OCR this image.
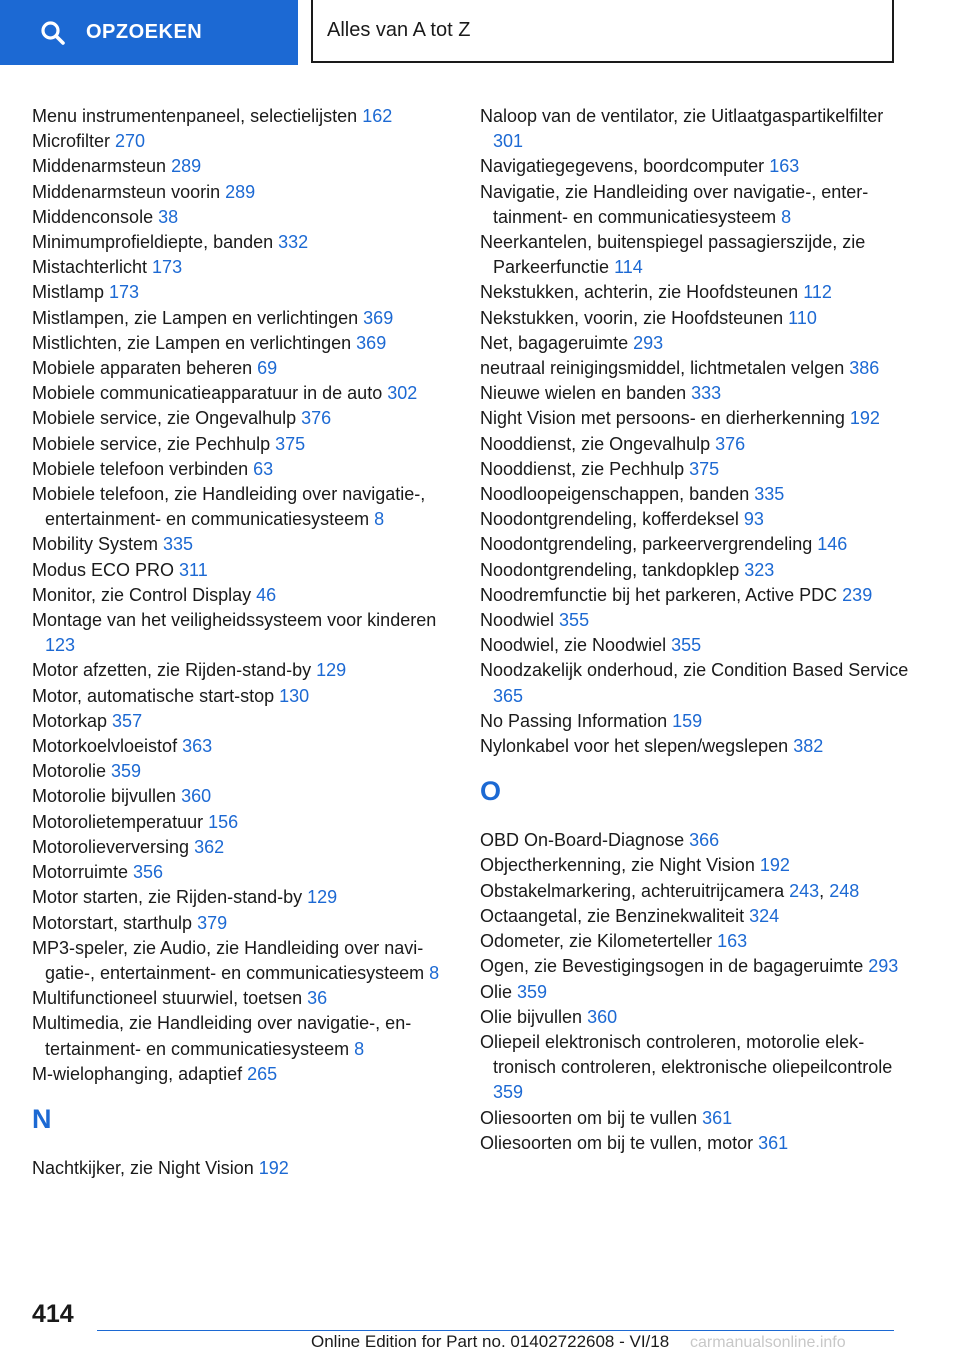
OPZOEKEN	Alles van A tot Z
Menu instrumentenpaneel, selectielijsten 162
Microfilter 270
Middenarmsteun 289
Middenarmsteun voorin 289
Middenconsole 38
Minimumprofieldiepte, banden 332
Mistachterlicht 173
Mistlamp 173
Mistlampen, zie Lampen en verlichtingen 369
Mistlichten, zie Lampen en verlichtingen 369
Mobiele apparaten beheren 69
Mobiele communicatieapparatuur in de auto 302
Mobiele service, zie Ongevalhulp 376
Mobiele service, zie Pechhulp 375
Mobiele telefoon verbinden 63
Mobiele telefoon, zie Handleiding over navigatie-, entertainment- en communicatiesysteem 8
Mobility System 335
Modus ECO PRO 311
Monitor, zie Control Display 46
Montage van het veiligheidssysteem voor kinderen 123
Motor afzetten, zie Rijden-stand-by 129
Motor, automatische start-stop 130
Motorkap 357
Motorkoelvloeistof 363
Motorolie 359
Motorolie bijvullen 360
Motorolietemperatuur 156
Motorolieverversing 362
Motorruimte 356
Motor starten, zie Rijden-stand-by 129
Motorstart, starthulp 379
MP3-speler, zie Audio, zie Handleiding over navigatie-, entertainment- en communicatiesysteem 8
Multifunctioneel stuurwiel, toetsen 36
Multimedia, zie Handleiding over navigatie-, entertainment- en communicatiesysteem 8
M-wielophanging, adaptief 265
N
Nachtkijker, zie Night Vision 192
Naloop van de ventilator, zie Uitlaatgaspartikelfilter 301
Navigatiegegevens, boordcomputer 163
Navigatie, zie Handleiding over navigatie-, entertainment- en communicatiesysteem 8
Neerkantelen, buitenspiegel passagierszijde, zie Parkeerfunctie 114
Nekstukken, achterin, zie Hoofdsteunen 112
Nekstukken, voorin, zie Hoofdsteunen 110
Net, bagageruimte 293
neutraal reinigingsmiddel, lichtmetalen velgen 386
Nieuwe wielen en banden 333
Night Vision met persoons- en dierherkenning 192
Nooddienst, zie Ongevalhulp 376
Nooddienst, zie Pechhulp 375
Noodloopeigenschappen, banden 335
Noodontgrendeling, kofferdeksel 93
Noodontgrendeling, parkeervergrendeling 146
Noodontgrendeling, tankdopklep 323
Noodremfunctie bij het parkeren, Active PDC 239
Noodwiel 355
Noodwiel, zie Noodwiel 355
Noodzakelijk onderhoud, zie Condition Based Service 365
No Passing Information 159
Nylonkabel voor het slepen/wegslepen 382
O
OBD On-Board-Diagnose 366
Objectherkenning, zie Night Vision 192
Obstakelmarkering, achteruitrijcamera 243, 248
Octaangetal, zie Benzinekwaliteit 324
Odometer, zie Kilometerteller 163
Ogen, zie Bevestigingsogen in de bagageruimte 293
Olie 359
Olie bijvullen 360
Oliepeil elektronisch controleren, motorolie elektronisch controleren, elektronische oliepeilcontrole 359
Oliesoorten om bij te vullen 361
Oliesoorten om bij te vullen, motor 361
414
Online Edition for Part no. 01402722608 - VI/18 carmanualsonline.info
